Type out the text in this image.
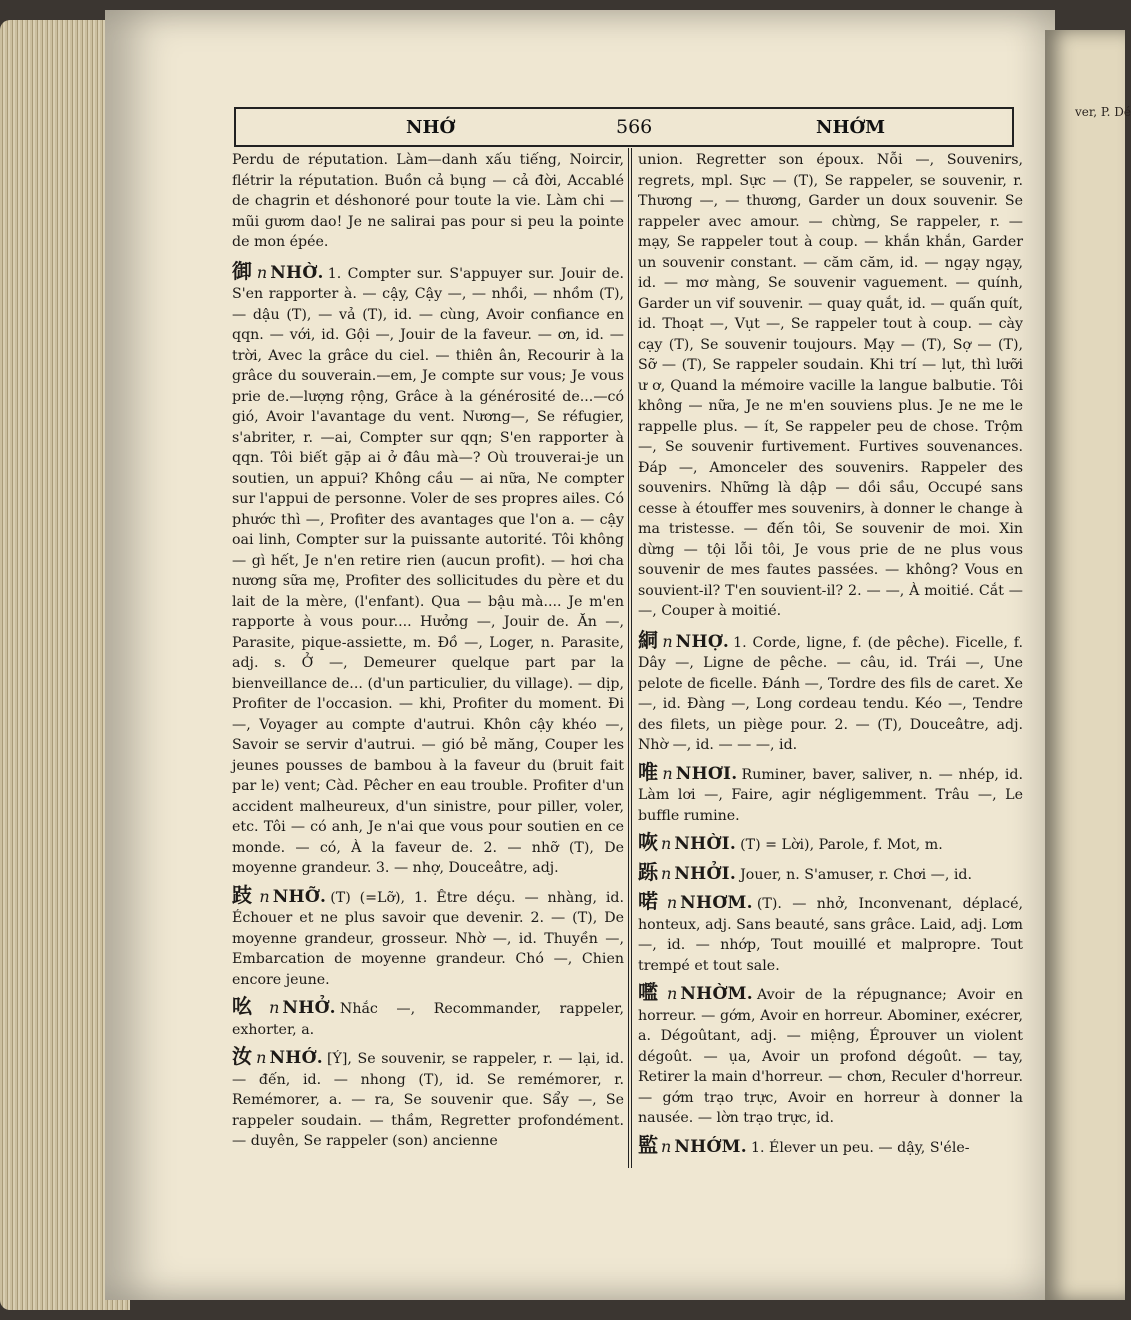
ver, P. Dé
NHỚ	566	NHỚM

Perdu de réputation. Làm—danh xấu tiếng, Noircir, flétrir la réputation. Buồn cả bụng — cả đời, Accablé de chagrin et déshonoré pour toute la vie. Làm chi — mũi gươm dao! Je ne salirai pas pour si peu la pointe de mon épée.

御 n NHỜ. 1. Compter sur. S'appuyer sur. Jouir de. S'en rapporter à. — cậy, Cậy —, — nhồi, — nhồm (T), — dậu (T), — vả (T), id. — cùng, Avoir confiance en qqn. — với, id. Gội —, Jouir de la faveur. — ơn, id. — trời, Avec la grâce du ciel. — thiên ân, Recourir à la grâce du souverain.—em, Je compte sur vous; Je vous prie de.—lượng rộng, Grâce à la générosité de...—có gió, Avoir l'avantage du vent. Nương—, Se réfugier, s'abriter, r. —ai, Compter sur qqn; S'en rapporter à qqn. Tôi biết gặp ai ở đâu mà—? Où trouverai-je un soutien, un appui? Không cầu — ai nữa, Ne compter sur l'appui de personne. Voler de ses propres ailes. Có phước thì —, Profiter des avantages que l'on a. — cậy oai linh, Compter sur la puissante autorité. Tôi không — gì hết, Je n'en retire rien (aucun profit). — hơi cha nương sữa mẹ, Profiter des sollicitudes du père et du lait de la mère, (l'enfant). Qua — bậu mà.... Je m'en rapporte à vous pour.... Hưởng —, Jouir de. Ăn —, Parasite, pique-assiette, m. Đồ —, Loger, n. Parasite, adj. s. Ở —, Demeurer quelque part par la bienveillance de... (d'un particulier, du village). — dịp, Profiter de l'occasion. — khi, Profiter du moment. Đi —, Voyager au compte d'autrui. Khôn cậy khéo —, Savoir se servir d'autrui. — gió bẻ măng, Couper les jeunes pousses de bambou à la faveur du (bruit fait par le) vent; Càd. Pêcher en eau trouble. Profiter d'un accident malheureux, d'un sinistre, pour piller, voler, etc. Tôi — có anh, Je n'ai que vous pour soutien en ce monde. — có, À la faveur de. 2. — nhỡ (T), De moyenne grandeur. 3. — nhợ, Douceâtre, adj.

跂 n NHỠ. (T) (=Lỡ), 1. Être déçu. — nhàng, id. Échouer et ne plus savoir que devenir. 2. — (T), De moyenne grandeur, grosseur. Nhờ —, id. Thuyền —, Embarcation de moyenne grandeur. Chó —, Chien encore jeune.

吆 n NHỞ. Nhắc —, Recommander, rappeler, exhorter, a.

汝 n NHỚ. [Ý], Se souvenir, se rappeler, r. — lại, id. — đến, id. — nhong (T), id. Se remémorer, r. Remémorer, a. — ra, Se souvenir que. Sẩy —, Se rappeler soudain. — thầm, Regretter profondément. — duyên, Se rappeler (son) ancienne

union. Regretter son époux. Nỗi —, Souvenirs, regrets, mpl. Sực — (T), Se rappeler, se souvenir, r. Thương —, — thương, Garder un doux souvenir. Se rappeler avec amour. — chừng, Se rappeler, r. — mạy, Se rappeler tout à coup. — khắn khắn, Garder un souvenir constant. — căm căm, id. — ngạy ngạy, id. — mơ màng, Se souvenir vaguement. — quính, Garder un vif souvenir. — quay quắt, id. — quấn quít, id. Thoạt —, Vụt —, Se rappeler tout à coup. — cày cạy (T), Se souvenir toujours. Mạy — (T), Sợ — (T), Sỡ — (T), Se rappeler soudain. Khi trí — lụt, thì lưỡi ư ơ, Quand la mémoire vacille la langue balbutie. Tôi không — nữa, Je ne m'en souviens plus. Je ne me le rappelle plus. — ít, Se rappeler peu de chose. Trộm —, Se souvenir furtivement. Furtives souvenances. Đáp —, Amonceler des souvenirs. Rappeler des souvenirs. Những là dập — dồi sầu, Occupé sans cesse à étouffer mes souvenirs, à donner le change à ma tristesse. — đến tôi, Se souvenir de moi. Xin dừng — tội lỗi tôi, Je vous prie de ne plus vous souvenir de mes fautes passées. — không? Vous en souvient-il? T'en souvient-il? 2. — —, À moitié. Cắt — —, Couper à moitié.

絧 n NHỢ. 1. Corde, ligne, f. (de pêche). Ficelle, f. Dây —, Ligne de pêche. — câu, id. Trái —, Une pelote de ficelle. Đánh —, Tordre des fils de caret. Xe —, id. Đàng —, Long cordeau tendu. Kéo —, Tendre des filets, un piège pour. 2. — (T), Douceâtre, adj. Nhờ —, id. — — —, id.

唯 n NHƠI. Ruminer, baver, saliver, n. — nhép, id. Làm lơi —, Faire, agir négligemment. Trâu —, Le buffle rumine.

咴 n NHỜI. (T) = Lời), Parole, f. Mot, m.

跞 n NHỞI. Jouer, n. S'amuser, r. Chơi —, id.

喏 n NHƠM. (T). — nhở, Inconvenant, déplacé, honteux, adj. Sans beauté, sans grâce. Laid, adj. Lơm —, id. — nhớp, Tout mouillé et malpropre. Tout trempé et tout sale.

嚂 n NHỜM. Avoir de la répugnance; Avoir en horreur. — gớm, Avoir en horreur. Abominer, exécrer, a. Dégoûtant, adj. — miệng, Éprouver un violent dégoût. — ụa, Avoir un profond dégoût. — tay, Retirer la main d'horreur. — chơn, Reculer d'horreur. — gớm trạo trực, Avoir en horreur à donner la nausée. — lờn trạo trực, id.

監 n NHỚM. 1. Élever un peu. — dậy, S'éle-
